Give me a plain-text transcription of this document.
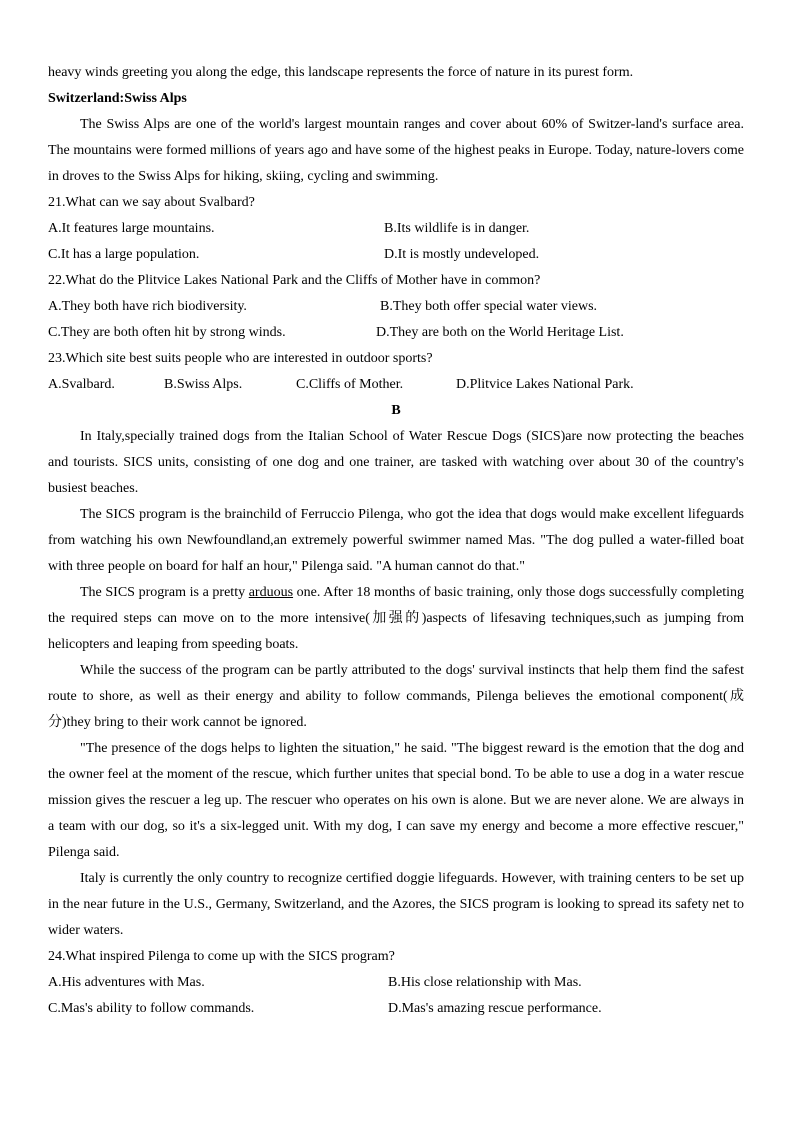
heavy winds greeting you along the edge, this landscape represents the force of nature in its purest form.
Switzerland:Swiss Alps

The Swiss Alps are one of the world's largest mountain ranges and cover about 60% of Switzer-land's surface area. The mountains were formed millions of years ago and have some of the highest peaks in Europe. Today, nature-lovers come in droves to the Swiss Alps for hiking, skiing, cycling and swimming.

21.What can we say about Svalbard?
A.It features large mountains.	B.Its wildlife is in danger.
C.It has a large population.	D.It is mostly undeveloped.
22.What do the Plitvice Lakes National Park and the Cliffs of Mother have in common?
A.They both have rich biodiversity.	B.They both offer special water views.
C.They are both often hit by strong winds.	D.They are both on the World Heritage List.
23.Which site best suits people who are interested in outdoor sports?
A.Svalbard.	B.Swiss Alps.	C.Cliffs of Mother.	D.Plitvice Lakes National Park.
B

In Italy,specially trained dogs from the Italian School of Water Rescue Dogs (SICS)are now protecting the beaches and tourists. SICS units, consisting of one dog and one trainer, are tasked with watching over about 30 of the country's busiest beaches.

The SICS program is the brainchild of Ferruccio Pilenga, who got the idea that dogs would make excellent lifeguards from watching his own Newfoundland,an extremely powerful swimmer named Mas. "The dog pulled a water-filled boat with three people on board for half an hour," Pilenga said. "A human cannot do that."

The SICS program is a pretty arduous one. After 18 months of basic training, only those dogs successfully completing the required steps can move on to the more intensive(加强的)aspects of lifesaving techniques,such as jumping from helicopters and leaping from speeding boats.

While the success of the program can be partly attributed to the dogs' survival instincts that help them find the safest route to shore, as well as their energy and ability to follow commands, Pilenga believes the emotional component(成分)they bring to their work cannot be ignored.

"The presence of the dogs helps to lighten the situation," he said. "The biggest reward is the emotion that the dog and the owner feel at the moment of the rescue, which further unites that special bond. To be able to use a dog in a water rescue mission gives the rescuer a leg up. The rescuer who operates on his own is alone. But we are never alone. We are always in a team with our dog, so it's a six-legged unit. With my dog, I can save my energy and become a more effective rescuer," Pilenga said.

Italy is currently the only country to recognize certified doggie lifeguards. However, with training centers to be set up in the near future in the U.S., Germany, Switzerland, and the Azores, the SICS program is looking to spread its safety net to wider waters.

24.What inspired Pilenga to come up with the SICS program?
A.His adventures with Mas.	B.His close relationship with Mas.
C.Mas's ability to follow commands.	D.Mas's amazing rescue performance.
